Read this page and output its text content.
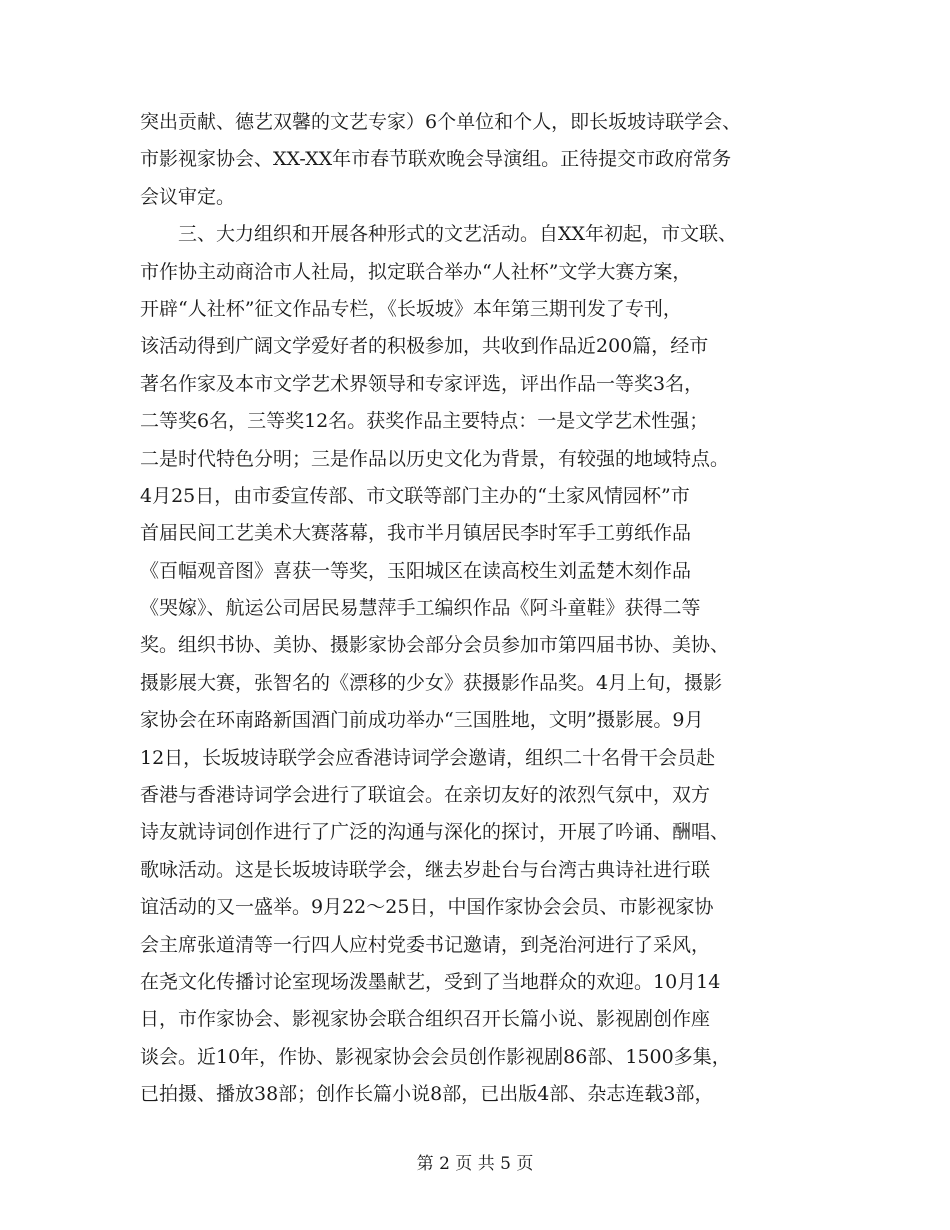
突出贡献、德艺双馨的文艺专家）6个单位和个人，即长坂坡诗联学会、
市影视家协会、XX-XX年市春节联欢晚会导演组。正待提交市政府常务
会议审定。
　　三、大力组织和开展各种形式的文艺活动。自XX年初起，市文联、
市作协主动商洽市人社局，拟定联合举办“人社杯”文学大赛方案，
开辟“人社杯”征文作品专栏，《长坂坡》本年第三期刊发了专刊，
该活动得到广阔文学爱好者的积极参加，共收到作品近200篇，经市
著名作家及本市文学艺术界领导和专家评选，评出作品一等奖3名，
二等奖6名，三等奖12名。获奖作品主要特点：一是文学艺术性强；
二是时代特色分明；三是作品以历史文化为背景，有较强的地域特点。
4月25日，由市委宣传部、市文联等部门主办的“土家风情园杯”市
首届民间工艺美术大赛落幕，我市半月镇居民李时军手工剪纸作品
《百幅观音图》喜获一等奖，玉阳城区在读高校生刘孟楚木刻作品
《哭嫁》、航运公司居民易慧萍手工编织作品《阿斗童鞋》获得二等
奖。组织书协、美协、摄影家协会部分会员参加市第四届书协、美协、
摄影展大赛，张智名的《漂移的少女》获摄影作品奖。4月上旬，摄影
家协会在环南路新国酒门前成功举办“三国胜地，文明”摄影展。9月
12日，长坂坡诗联学会应香港诗词学会邀请，组织二十名骨干会员赴
香港与香港诗词学会进行了联谊会。在亲切友好的浓烈气氛中，双方
诗友就诗词创作进行了广泛的沟通与深化的探讨，开展了吟诵、酬唱、
歌咏活动。这是长坂坡诗联学会，继去岁赴台与台湾古典诗社进行联
谊活动的又一盛举。9月22～25日，中国作家协会会员、市影视家协
会主席张道清等一行四人应村党委书记邀请，到尧治河进行了采风，
在尧文化传播讨论室现场泼墨献艺，受到了当地群众的欢迎。10月14
日，市作家协会、影视家协会联合组织召开长篇小说、影视剧创作座
谈会。近10年，作协、影视家协会会员创作影视剧86部、1500多集，
已拍摄、播放38部；创作长篇小说8部，已出版4部、杂志连载3部，
第 2 页 共 5 页
